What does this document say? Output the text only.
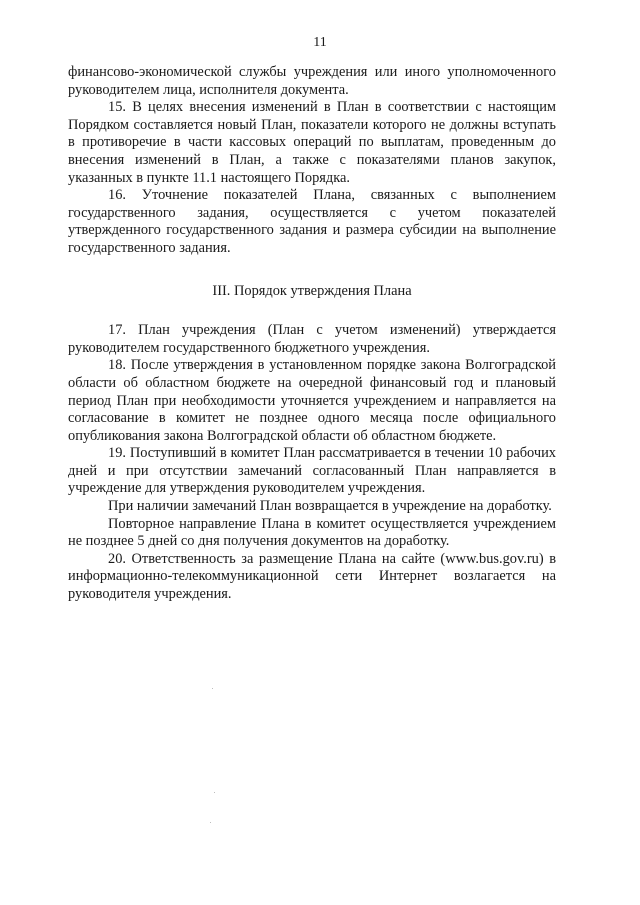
11

финансово-экономической службы учреждения или иного уполномоченного руководителем лица, исполнителя документа.

15. В целях внесения изменений в План в соответствии с настоящим Порядком составляется новый План, показатели которого не должны вступать в противоречие в части кассовых операций по выплатам, проведенным до внесения изменений в План, а также с показателями планов закупок, указанных в пункте 11.1 настоящего Порядка.

16. Уточнение показателей Плана, связанных с выполнением государственного задания, осуществляется с учетом показателей утвержденного государственного задания и размера субсидии на выполнение государственного задания.

III. Порядок утверждения Плана

17. План учреждения (План с учетом изменений) утверждается руководителем государственного бюджетного учреждения.

18. После утверждения в установленном порядке закона Волгоградской области об областном бюджете на очередной финансовый год и плановый период План при необходимости уточняется учреждением и направляется на согласование в комитет не позднее одного месяца после официального опубликования закона Волгоградской области об областном бюджете.

19. Поступивший в комитет План рассматривается в течении 10 рабочих дней и при отсутствии замечаний согласованный План направляется в учреждение для утверждения руководителем учреждения.

При наличии замечаний План возвращается в учреждение на доработку.

Повторное направление Плана в комитет осуществляется учреждением не позднее 5 дней со дня получения документов на доработку.

20. Ответственность за размещение Плана на сайте (www.bus.gov.ru) в информационно-телекоммуникационной сети Интернет возлагается на руководителя учреждения.
